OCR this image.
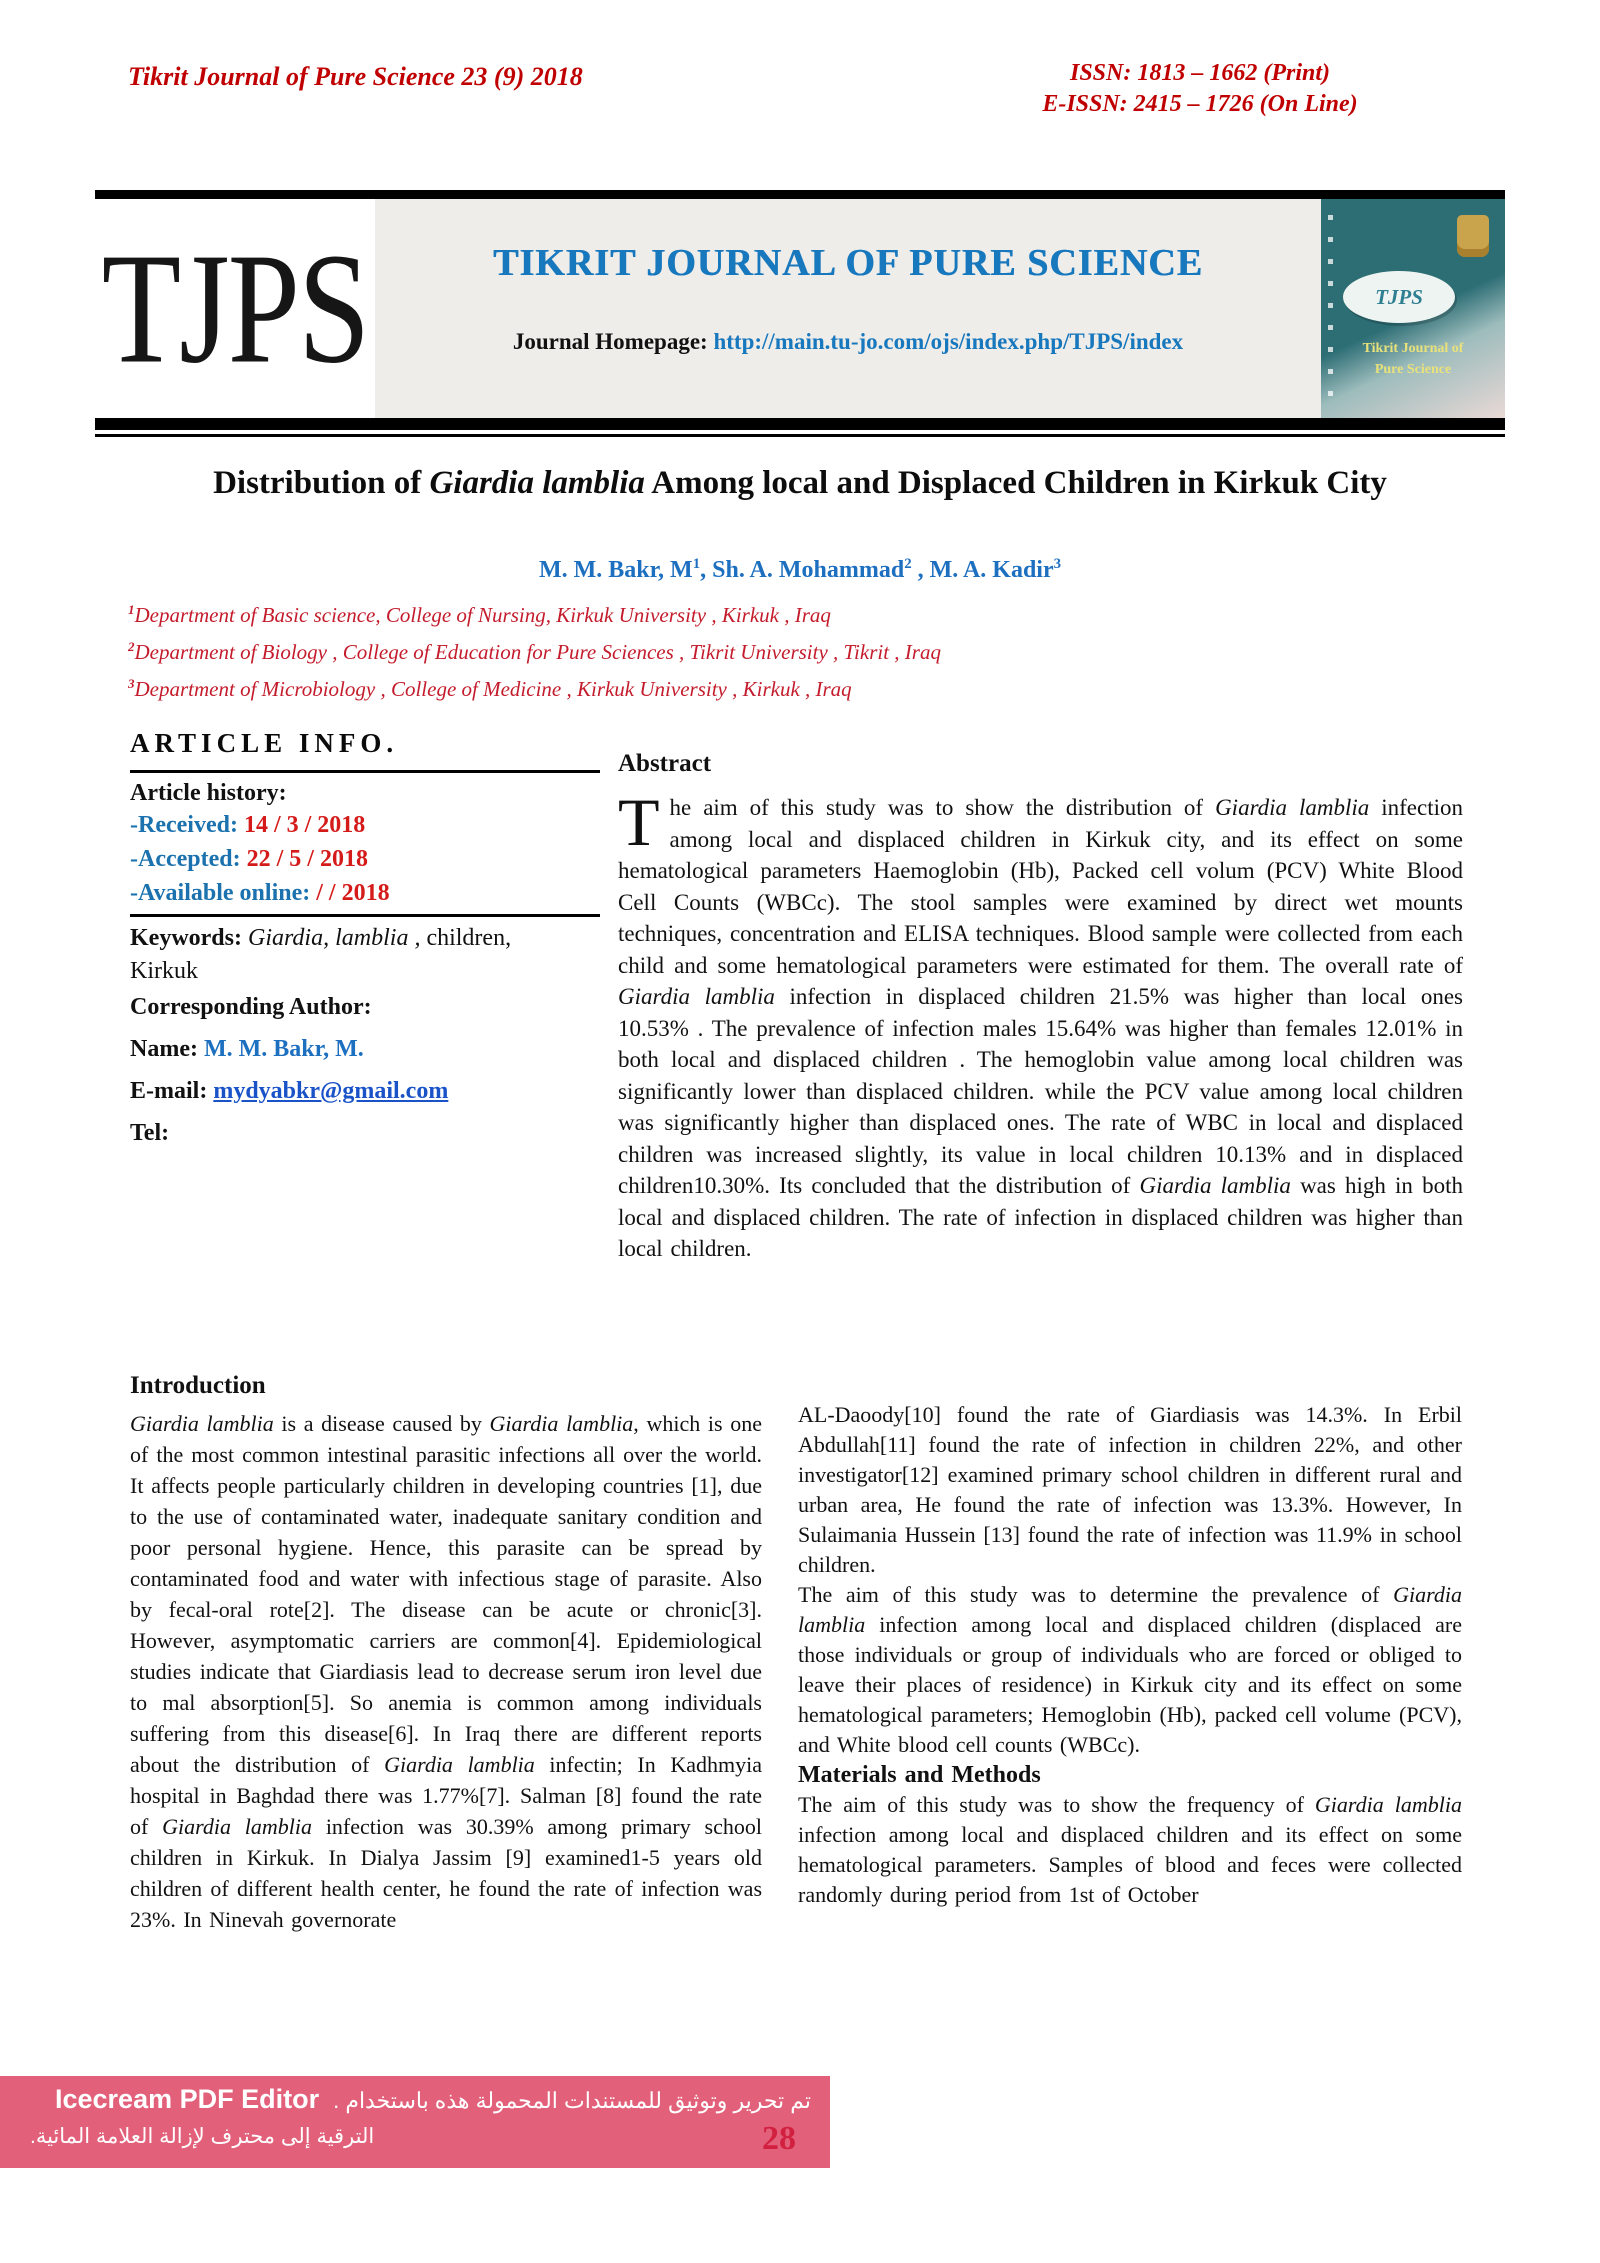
Tikrit Journal of Pure Science 23 (9) 2018	ISSN: 1813 – 1662 (Print)
E-ISSN: 2415 – 1726 (On Line)
TJPS	TIKRIT JOURNAL OF PURE SCIENCE
Journal Homepage: http://main.tu-jo.com/ojs/index.php/TJPS/index
TJPS
Tikrit Journal of
Pure Science
Distribution of Giardia lamblia Among local and Displaced Children in Kirkuk City
M. M. Bakr, $M^1$, Sh. A. Mohammad$^2$ , M. A. Kadir$^3$
$^1$Department of Basic science, College of Nursing, Kirkuk University , Kirkuk , Iraq
$^2$Department of Biology , College of Education for Pure Sciences , Tikrit University , Tikrit , Iraq
$^3$Department of Microbiology , College of Medicine , Kirkuk University , Kirkuk , Iraq
ARTICLE INFO.
Article history:
-Received: 14 / 3 / 2018
-Accepted: 22 / 5 / 2018
-Available online: / / 2018
Keywords: Giardia, lamblia , children, Kirkuk
Corresponding Author:
Name: M. M. Bakr, M.
E-mail: mydyabkr@gmail.com
Tel:
Abstract
The aim of this study was to show the distribution of Giardia lamblia infection among local and displaced children in Kirkuk city, and its effect on some hematological parameters Haemoglobin (Hb), Packed cell volum (PCV) White Blood Cell Counts (WBCc). The stool samples were examined by direct wet mounts techniques, concentration and ELISA techniques. Blood sample were collected from each child and some hematological parameters were estimated for them. The overall rate of Giardia lamblia infection in displaced children 21.5% was higher than local ones 10.53% . The prevalence of infection males 15.64% was higher than females 12.01% in both local and displaced children . The hemoglobin value among local children was significantly lower than displaced children. while the PCV value among local children was significantly higher than displaced ones. The rate of WBC in local and displaced children was increased slightly, its value in local children 10.13% and in displaced children10.30%. Its concluded that the distribution of Giardia lamblia was high in both local and displaced children. The rate of infection in displaced children was higher than local children.
Introduction
Giardia lamblia is a disease caused by Giardia lamblia, which is one of the most common intestinal parasitic infections all over the world. It affects people particularly children in developing countries [1], due to the use of contaminated water, inadequate sanitary condition and poor personal hygiene. Hence, this parasite can be spread by contaminated food and water with infectious stage of parasite. Also by fecal-oral rote[2]. The disease can be acute or chronic[3]. However, asymptomatic carriers are common[4]. Epidemiological studies indicate that Giardiasis lead to decrease serum iron level due to mal absorption[5]. So anemia is common among individuals suffering from this disease[6]. In Iraq there are different reports about the distribution of Giardia lamblia infectin; In Kadhmyia hospital in Baghdad there was 1.77%[7]. Salman [8] found the rate of Giardia lamblia infection was 30.39% among primary school children in Kirkuk. In Dialya Jassim [9] examined1-5 years old children of different health center, he found the rate of infection was 23%. In Ninevah governorate

AL-Daoody[10] found the rate of Giardiasis was 14.3%. In Erbil Abdullah[11] found the rate of infection in children 22%, and other investigator[12] examined primary school children in different rural and urban area, He found the rate of infection was 13.3%. However, In Sulaimania Hussein [13] found the rate of infection was 11.9% in school children.

The aim of this study was to determine the prevalence of Giardia lamblia infection among local and displaced children (displaced are those individuals or group of individuals who are forced or obliged to leave their places of residence) in Kirkuk city and its effect on some hematological parameters; Hemoglobin (Hb), packed cell volume (PCV), and White blood cell counts (WBCc).

Materials and Methods

The aim of this study was to show the frequency of Giardia lamblia infection among local and displaced children and its effect on some hematological parameters. Samples of blood and feces were collected randomly during period from 1st of October

Icecream PDF Editor تم تحرير وتوثيق للمستندات المحمولة هذه باستخدام .
الترقية إلى محترف لإزالة العلامة المائية.	28
